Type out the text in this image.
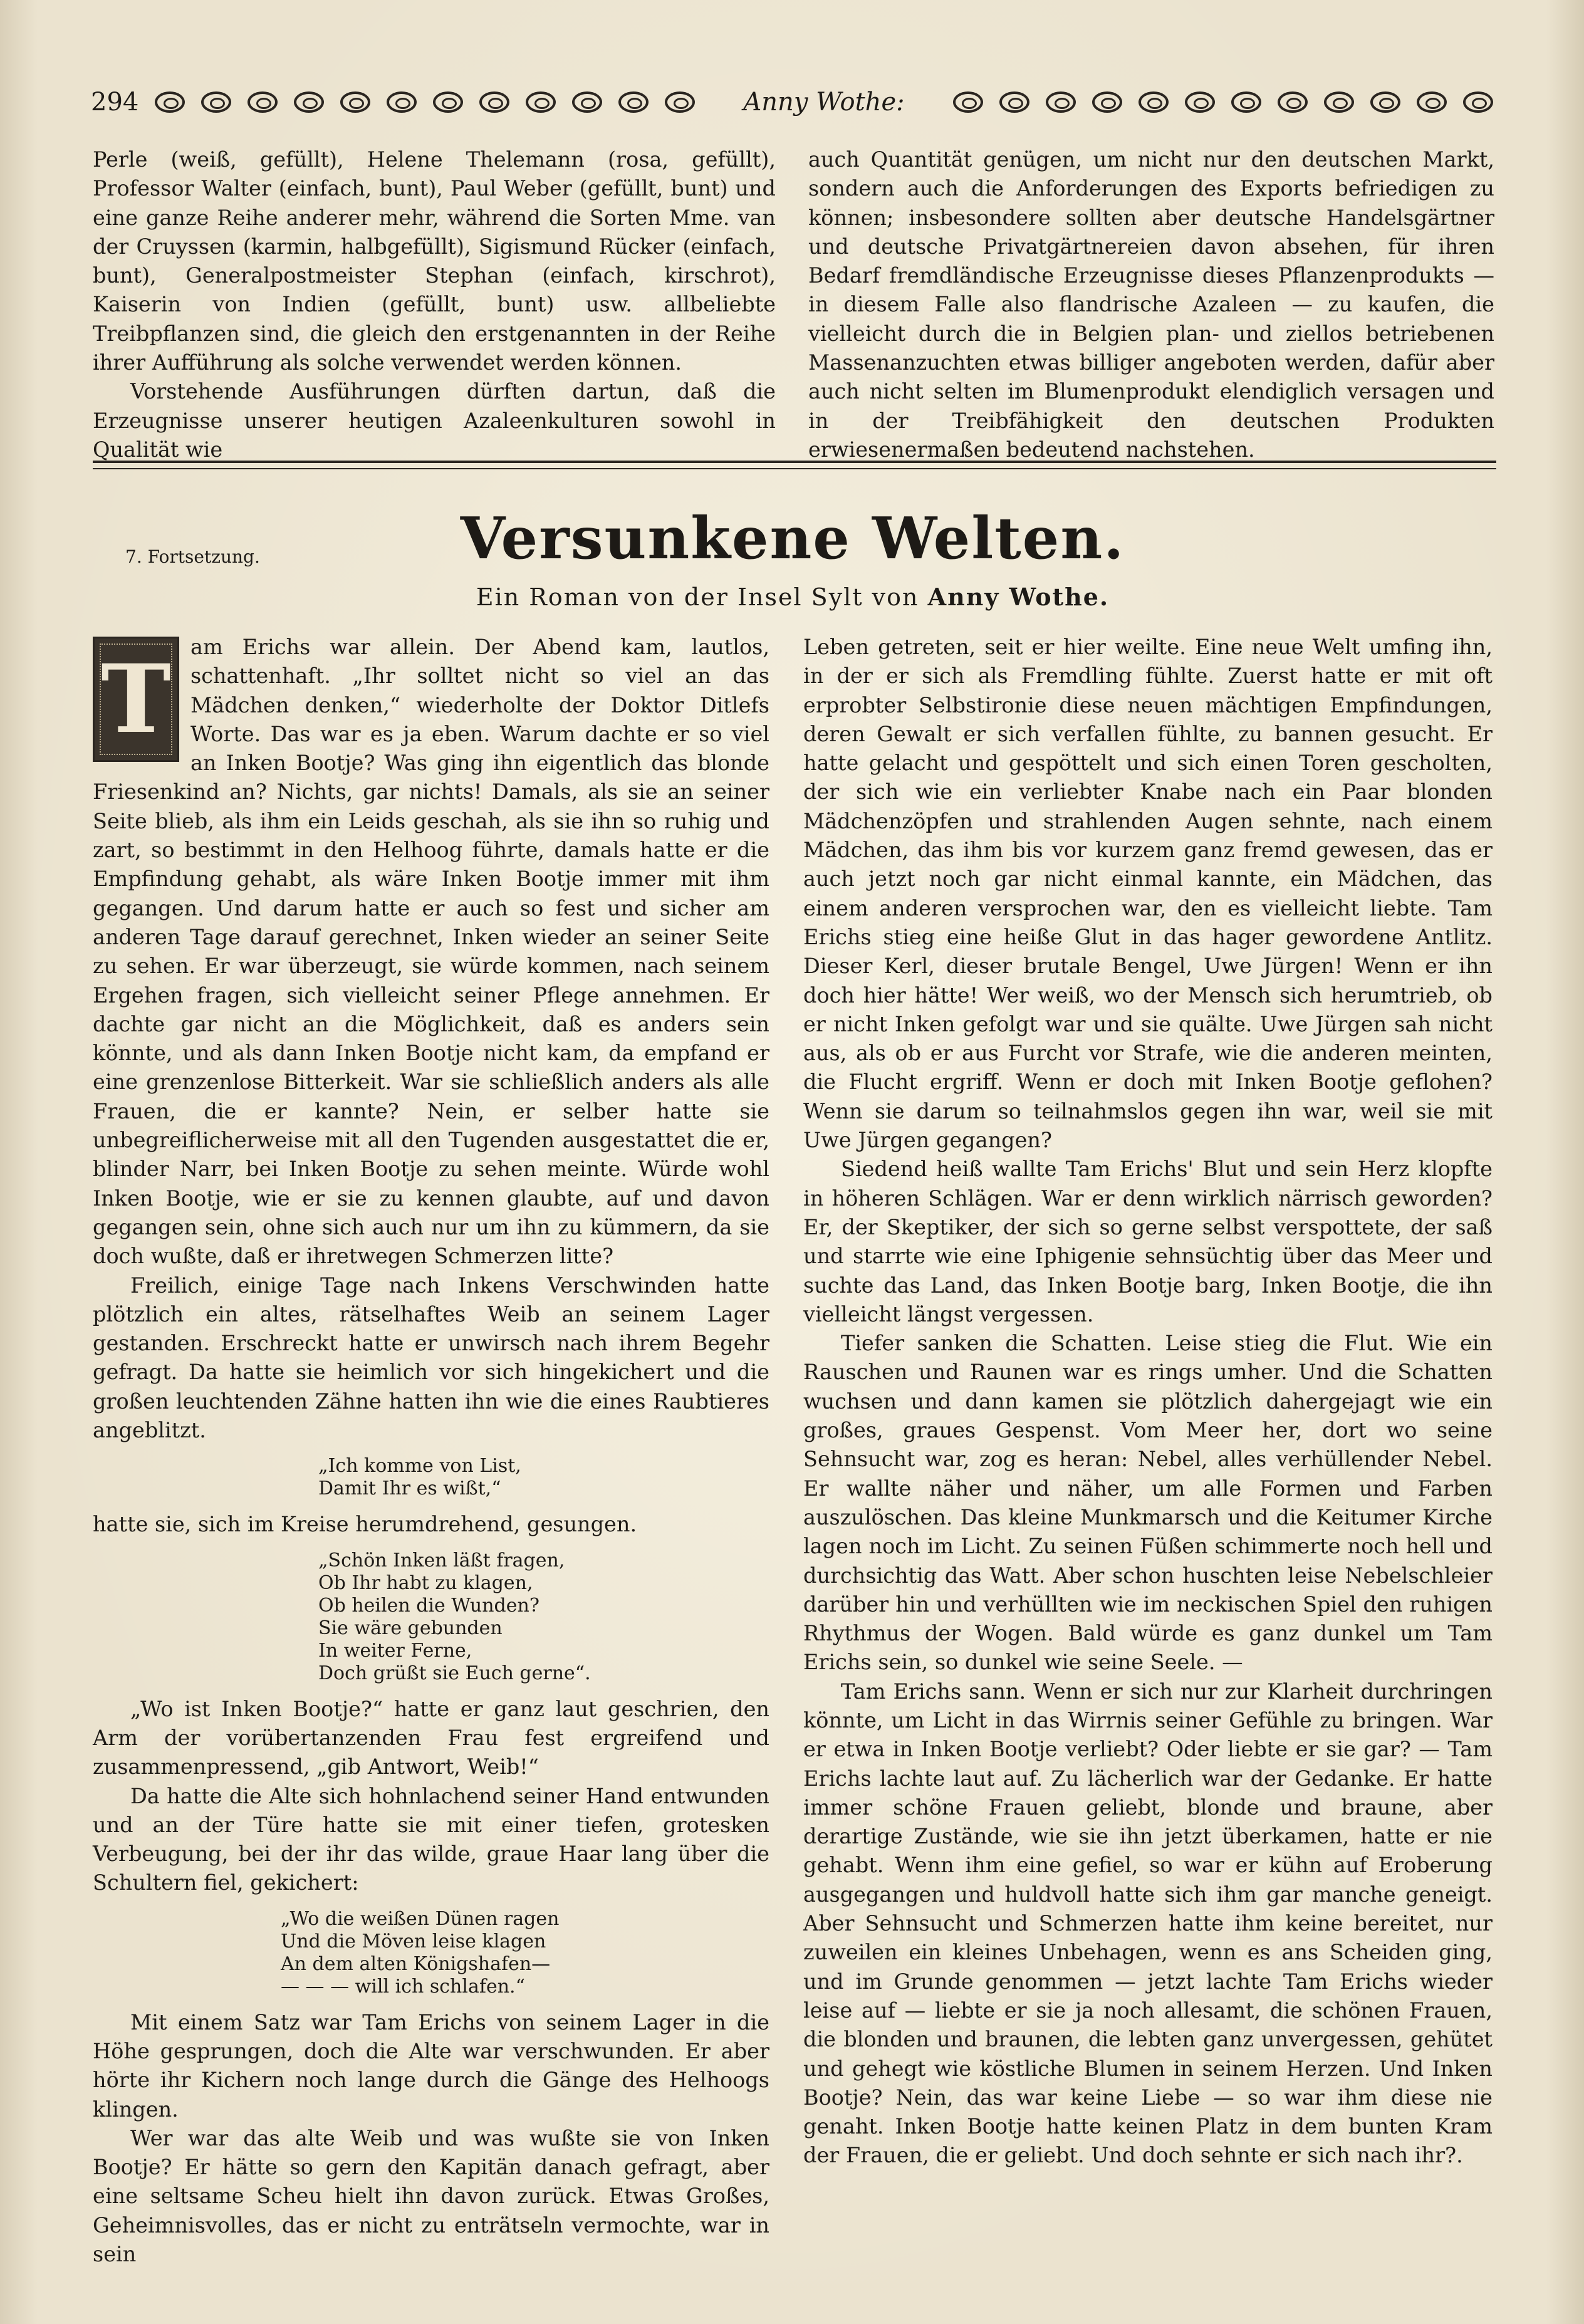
294	Anny Wothe:

Perle (weiß, gefüllt), Helene Thelemann (rosa, gefüllt), Professor Walter (einfach, bunt), Paul Weber (gefüllt, bunt) und eine ganze Reihe anderer mehr, während die Sorten Mme. van der Cruyssen (karmin, halbgefüllt), Sigismund Rücker (einfach, bunt), Generalpostmeister Stephan (einfach, kirschrot), Kaiserin von Indien (gefüllt, bunt) usw. allbeliebte Treibpflanzen sind, die gleich den erstgenannten in der Reihe ihrer Aufführung als solche verwendet werden können.

Vorstehende Ausführungen dürften dartun, daß die Erzeugnisse unserer heutigen Azaleenkulturen sowohl in Qualität wie

auch Quantität genügen, um nicht nur den deutschen Markt, sondern auch die Anforderungen des Exports befriedigen zu können; insbesondere sollten aber deutsche Handelsgärtner und deutsche Privatgärtnereien davon absehen, für ihren Bedarf fremdländische Erzeugnisse dieses Pflanzenprodukts — in diesem Falle also flandrische Azaleen — zu kaufen, die vielleicht durch die in Belgien plan- und ziellos betriebenen Massenanzuchten etwas billiger angeboten werden, dafür aber auch nicht selten im Blumenprodukt elendiglich versagen und in der Treibfähigkeit den deutschen Produkten erwiesenermaßen bedeutend nachstehen.

7. Fortsetzung.	Versunkene Welten.
Ein Roman von der Insel Sylt von Anny Wothe.

T am Erichs war allein. Der Abend kam, lautlos, schattenhaft. „Ihr solltet nicht so viel an das Mädchen denken,“ wiederholte der Doktor Ditlefs Worte. Das war es ja eben. Warum dachte er so viel an Inken Bootje? Was ging ihn eigentlich das blonde Friesenkind an? Nichts, gar nichts! Damals, als sie an seiner Seite blieb, als ihm ein Leids geschah, als sie ihn so ruhig und zart, so bestimmt in den Helhoog führte, damals hatte er die Empfindung gehabt, als wäre Inken Bootje immer mit ihm gegangen. Und darum hatte er auch so fest und sicher am anderen Tage darauf gerechnet, Inken wieder an seiner Seite zu sehen. Er war überzeugt, sie würde kommen, nach seinem Ergehen fragen, sich vielleicht seiner Pflege annehmen. Er dachte gar nicht an die Möglichkeit, daß es anders sein könnte, und als dann Inken Bootje nicht kam, da empfand er eine grenzenlose Bitterkeit. War sie schließlich anders als alle Frauen, die er kannte? Nein, er selber hatte sie unbegreiflicherweise mit all den Tugenden ausgestattet die er, blinder Narr, bei Inken Bootje zu sehen meinte. Würde wohl Inken Bootje, wie er sie zu kennen glaubte, auf und davon gegangen sein, ohne sich auch nur um ihn zu kümmern, da sie doch wußte, daß er ihretwegen Schmerzen litte?

Freilich, einige Tage nach Inkens Verschwinden hatte plötzlich ein altes, rätselhaftes Weib an seinem Lager gestanden. Erschreckt hatte er unwirsch nach ihrem Begehr gefragt. Da hatte sie heimlich vor sich hingekichert und die großen leuchtenden Zähne hatten ihn wie die eines Raubtieres angeblitzt.

„Ich komme von List,
Damit Ihr es wißt,“

hatte sie, sich im Kreise herumdrehend, gesungen.

„Schön Inken läßt fragen,
Ob Ihr habt zu klagen,
Ob heilen die Wunden?
Sie wäre gebunden
In weiter Ferne,
Doch grüßt sie Euch gerne“.

„Wo ist Inken Bootje?“ hatte er ganz laut geschrien, den Arm der vorübertanzenden Frau fest ergreifend und zusammenpressend, „gib Antwort, Weib!“

Da hatte die Alte sich hohnlachend seiner Hand entwunden und an der Türe hatte sie mit einer tiefen, grotesken Verbeugung, bei der ihr das wilde, graue Haar lang über die Schultern fiel, gekichert:

„Wo die weißen Dünen ragen
Und die Möven leise klagen
An dem alten Königshafen—
— — — will ich schlafen.“

Mit einem Satz war Tam Erichs von seinem Lager in die Höhe gesprungen, doch die Alte war verschwunden. Er aber hörte ihr Kichern noch lange durch die Gänge des Helhoogs klingen.

Wer war das alte Weib und was wußte sie von Inken Bootje? Er hätte so gern den Kapitän danach gefragt, aber eine seltsame Scheu hielt ihn davon zurück. Etwas Großes, Geheimnisvolles, das er nicht zu enträtseln vermochte, war in sein

Leben getreten, seit er hier weilte. Eine neue Welt umfing ihn, in der er sich als Fremdling fühlte. Zuerst hatte er mit oft erprobter Selbstironie diese neuen mächtigen Empfindungen, deren Gewalt er sich verfallen fühlte, zu bannen gesucht. Er hatte gelacht und gespöttelt und sich einen Toren gescholten, der sich wie ein verliebter Knabe nach ein Paar blonden Mädchenzöpfen und strahlenden Augen sehnte, nach einem Mädchen, das ihm bis vor kurzem ganz fremd gewesen, das er auch jetzt noch gar nicht einmal kannte, ein Mädchen, das einem anderen versprochen war, den es vielleicht liebte. Tam Erichs stieg eine heiße Glut in das hager gewordene Antlitz. Dieser Kerl, dieser brutale Bengel, Uwe Jürgen! Wenn er ihn doch hier hätte! Wer weiß, wo der Mensch sich herumtrieb, ob er nicht Inken gefolgt war und sie quälte. Uwe Jürgen sah nicht aus, als ob er aus Furcht vor Strafe, wie die anderen meinten, die Flucht ergriff. Wenn er doch mit Inken Bootje geflohen? Wenn sie darum so teilnahmslos gegen ihn war, weil sie mit Uwe Jürgen gegangen?

Siedend heiß wallte Tam Erichs' Blut und sein Herz klopfte in höheren Schlägen. War er denn wirklich närrisch geworden? Er, der Skeptiker, der sich so gerne selbst verspottete, der saß und starrte wie eine Iphigenie sehnsüchtig über das Meer und suchte das Land, das Inken Bootje barg, Inken Bootje, die ihn vielleicht längst vergessen.

Tiefer sanken die Schatten. Leise stieg die Flut. Wie ein Rauschen und Raunen war es rings umher. Und die Schatten wuchsen und dann kamen sie plötzlich dahergejagt wie ein großes, graues Gespenst. Vom Meer her, dort wo seine Sehnsucht war, zog es heran: Nebel, alles verhüllender Nebel. Er wallte näher und näher, um alle Formen und Farben auszulöschen. Das kleine Munkmarsch und die Keitumer Kirche lagen noch im Licht. Zu seinen Füßen schimmerte noch hell und durchsichtig das Watt. Aber schon huschten leise Nebelschleier darüber hin und verhüllten wie im neckischen Spiel den ruhigen Rhythmus der Wogen. Bald würde es ganz dunkel um Tam Erichs sein, so dunkel wie seine Seele. —

Tam Erichs sann. Wenn er sich nur zur Klarheit durchringen könnte, um Licht in das Wirrnis seiner Gefühle zu bringen. War er etwa in Inken Bootje verliebt? Oder liebte er sie gar? — Tam Erichs lachte laut auf. Zu lächerlich war der Gedanke. Er hatte immer schöne Frauen geliebt, blonde und braune, aber derartige Zustände, wie sie ihn jetzt überkamen, hatte er nie gehabt. Wenn ihm eine gefiel, so war er kühn auf Eroberung ausgegangen und huldvoll hatte sich ihm gar manche geneigt. Aber Sehnsucht und Schmerzen hatte ihm keine bereitet, nur zuweilen ein kleines Unbehagen, wenn es ans Scheiden ging, und im Grunde genommen — jetzt lachte Tam Erichs wieder leise auf — liebte er sie ja noch allesamt, die schönen Frauen, die blonden und braunen, die lebten ganz unvergessen, gehütet und gehegt wie köstliche Blumen in seinem Herzen. Und Inken Bootje? Nein, das war keine Liebe — so war ihm diese nie genaht. Inken Bootje hatte keinen Platz in dem bunten Kram der Frauen, die er geliebt. Und doch sehnte er sich nach ihr?.
